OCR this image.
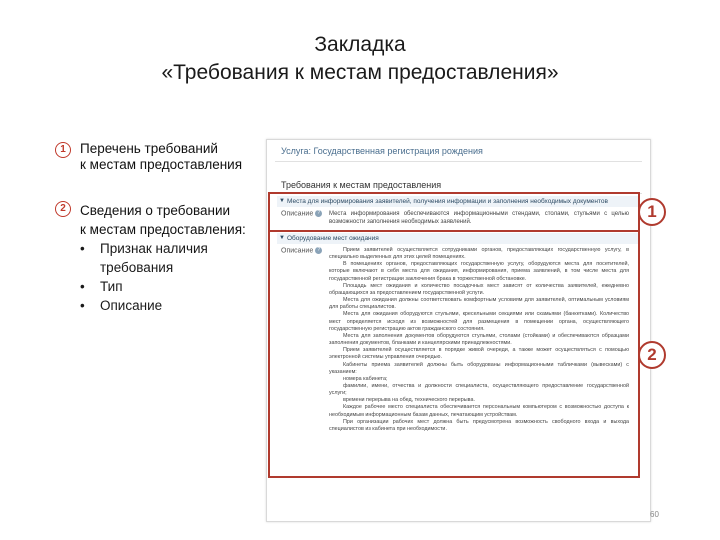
Закладка
«Требования к местам предоставления»
1	Перечень требований
к местам предоставления
2	Сведения о требовании
к местам предоставления:
• Признак наличия
требования
• Тип
• Описание
Услуга: Государственная регистрация рождения
Требования к местам предоставления
▼ Места для информирования заявителей, получения информации и заполнения необходимых документов
Описание ?	Места информирования обеспечиваются информационными стендами, столами, стульями с целью возможности заполнения необходимых заявлений.
▼ Оборудование мест ожидания
Описание ?	Прием заявителей осуществляется сотрудниками органов, предоставляющих государственную услугу, в специально выделенных для этих целей помещениях.

В помещениях органов, предоставляющих государственную услугу, оборудуются места для посетителей, которые включают в себя места для ожидания, информирования, приема заявлений, в том числе места для государственной регистрации заключения брака в торжественной обстановке.

Площадь мест ожидания и количество посадочных мест зависят от количества заявителей, ежедневно обращающихся за предоставлением государственной услуги.

Места для ожидания должны соответствовать комфортным условиям для заявителей, оптимальным условиям для работы специалистов.

Места для ожидания оборудуются стульями, кресельными секциями или скамьями (банкетками). Количество мест определяется исходя из возможностей для размещения в помещении органа, осуществляющего государственную регистрацию актов гражданского состояния.

Места для заполнения документов оборудуются стульями, столами (стойками) и обеспечиваются образцами заполнения документов, бланками и канцелярскими принадлежностями.

Прием заявителей осуществляется в порядке живой очереди, а также может осуществляться с помощью электронной системы управления очередью.

Кабинеты приема заявителей должны быть оборудованы информационными табличками (вывесками) с указанием:

номера кабинета;

фамилии, имени, отчества и должности специалиста, осуществляющего предоставление государственной услуги;

времени перерыва на обед, технического перерыва.

Каждое рабочее место специалиста обеспечивается персональным компьютером с возможностью доступа к необходимым информационным базам данных, печатающим устройствам.

При организации рабочих мест должна быть предусмотрена возможность свободного входа и выхода специалистов из кабинета при необходимости.

1
2
60
